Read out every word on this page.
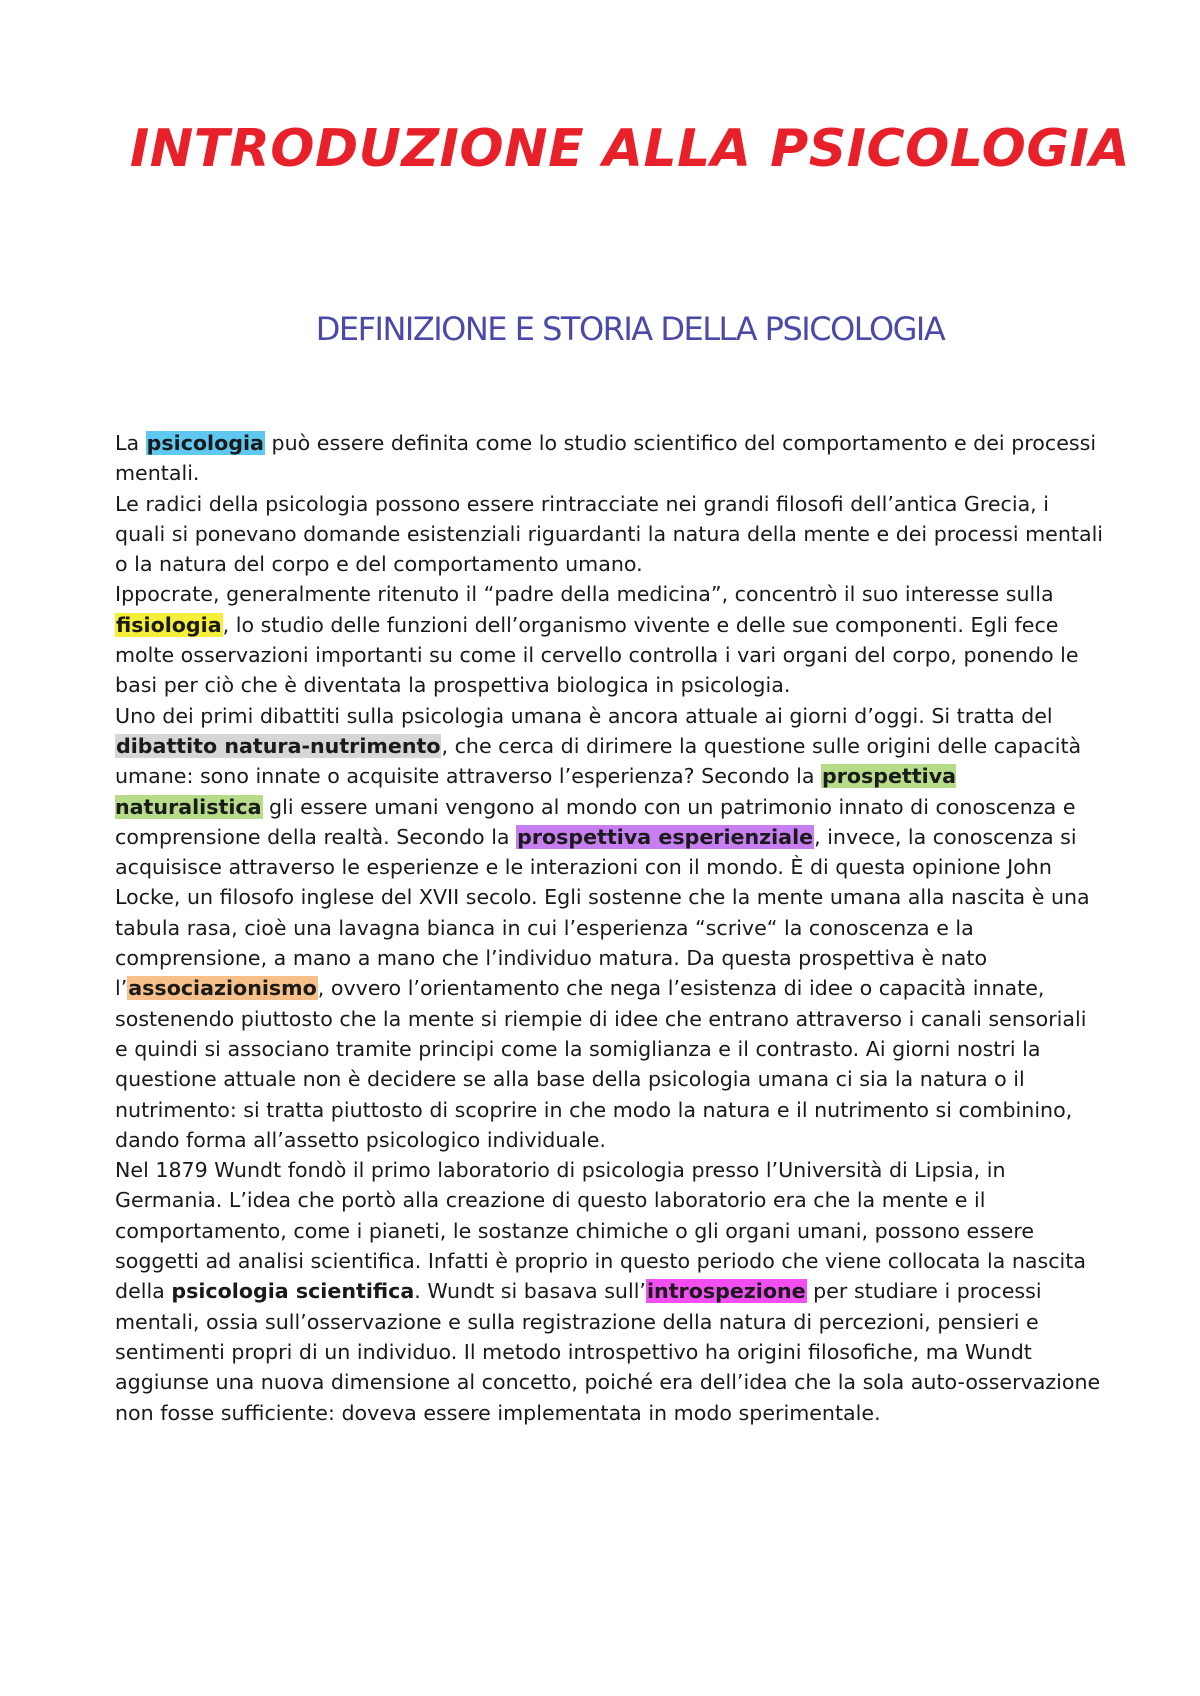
INTRODUZIONE ALLA PSICOLOGIA
DEFINIZIONE E STORIA DELLA PSICOLOGIA

La psicologia può essere definita come lo studio scientifico del comportamento e dei processi mentali.

Le radici della psicologia possono essere rintracciate nei grandi filosofi dell’antica Grecia, i quali si ponevano domande esistenziali riguardanti la natura della mente e dei processi mentali o la natura del corpo e del comportamento umano.

Ippocrate, generalmente ritenuto il “padre della medicina”, concentrò il suo interesse sulla fisiologia, lo studio delle funzioni dell’organismo vivente e delle sue componenti. Egli fece molte osservazioni importanti su come il cervello controlla i vari organi del corpo, ponendo le basi per ciò che è diventata la prospettiva biologica in psicologia.

Uno dei primi dibattiti sulla psicologia umana è ancora attuale ai giorni d’oggi. Si tratta del dibattito natura-nutrimento, che cerca di dirimere la questione sulle origini delle capacità umane: sono innate o acquisite attraverso l’esperienza? Secondo la prospettiva naturalistica gli essere umani vengono al mondo con un patrimonio innato di conoscenza e comprensione della realtà. Secondo la prospettiva esperienziale, invece, la conoscenza si acquisisce attraverso le esperienze e le interazioni con il mondo. È di questa opinione John Locke, un filosofo inglese del XVII secolo. Egli sostenne che la mente umana alla nascita è una tabula rasa, cioè una lavagna bianca in cui l’esperienza “scrive“ la conoscenza e la comprensione, a mano a mano che l’individuo matura. Da questa prospettiva è nato l’associazionismo, ovvero l’orientamento che nega l’esistenza di idee o capacità innate, sostenendo piuttosto che la mente si riempie di idee che entrano attraverso i canali sensoriali e quindi si associano tramite principi come la somiglianza e il contrasto. Ai giorni nostri la questione attuale non è decidere se alla base della psicologia umana ci sia la natura o il nutrimento: si tratta piuttosto di scoprire in che modo la natura e il nutrimento si combinino, dando forma all’assetto psicologico individuale.

Nel 1879 Wundt fondò il primo laboratorio di psicologia presso l’Università di Lipsia, in Germania. L’idea che portò alla creazione di questo laboratorio era che la mente e il comportamento, come i pianeti, le sostanze chimiche o gli organi umani, possono essere soggetti ad analisi scientifica. Infatti è proprio in questo periodo che viene collocata la nascita della psicologia scientifica. Wundt si basava sull’introspezione per studiare i processi mentali, ossia sull’osservazione e sulla registrazione della natura di percezioni, pensieri e sentimenti propri di un individuo. Il metodo introspettivo ha origini filosofiche, ma Wundt aggiunse una nuova dimensione al concetto, poiché era dell’idea che la sola auto-osservazione non fosse sufficiente: doveva essere implementata in modo sperimentale.
